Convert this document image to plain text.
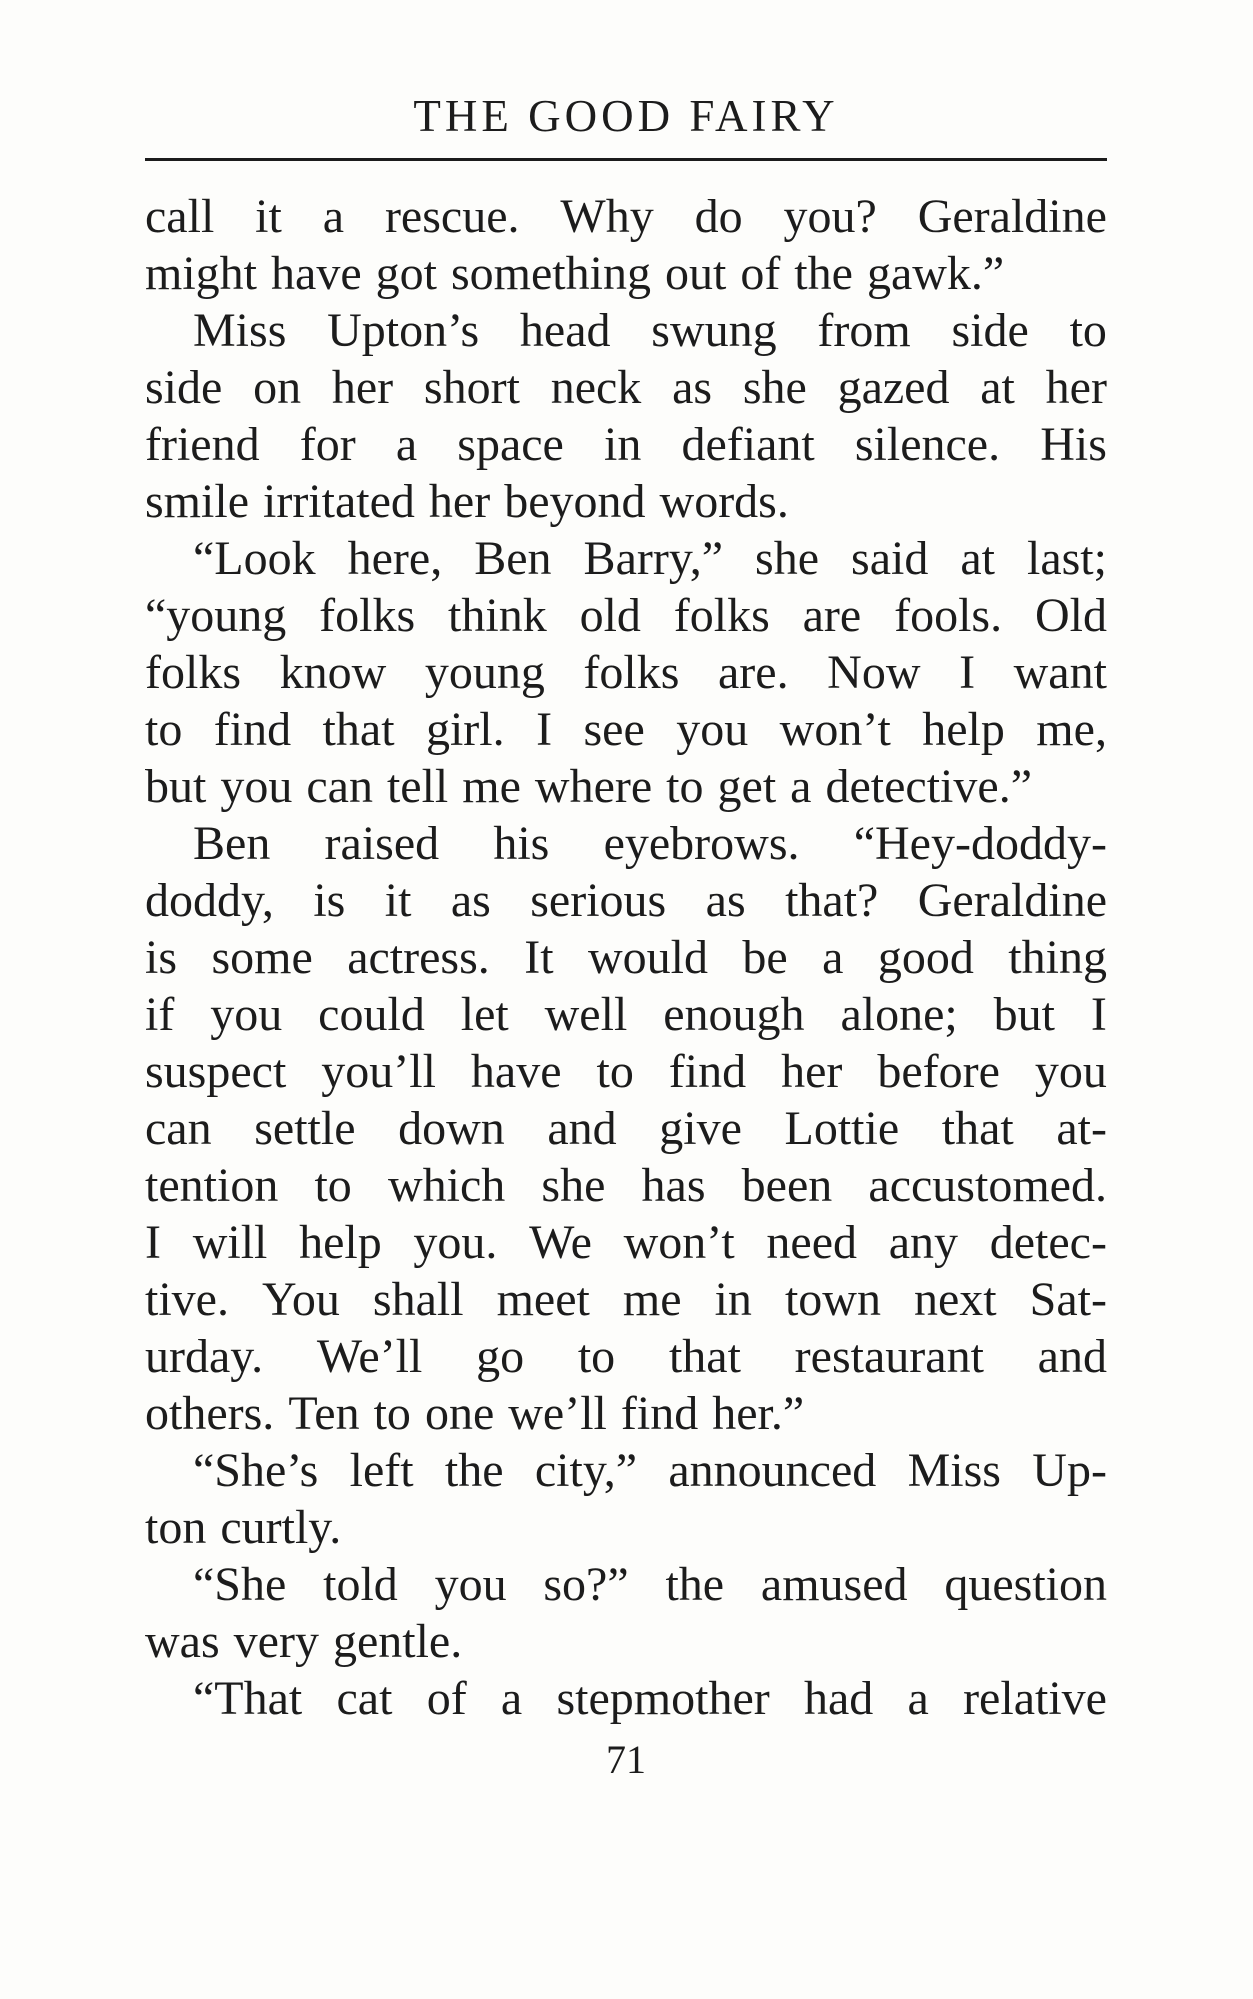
THE GOOD FAIRY
call it a rescue. Why do you? Geraldine
might have got something out of the gawk.”
Miss Upton’s head swung from side to
side on her short neck as she gazed at her
friend for a space in defiant silence. His
smile irritated her beyond words.
“Look here, Ben Barry,” she said at last;
“young folks think old folks are fools. Old
folks know young folks are. Now I want
to find that girl. I see you won’t help me,
but you can tell me where to get a detective.”
Ben raised his eyebrows. “Hey-doddy-
doddy, is it as serious as that? Geraldine
is some actress. It would be a good thing
if you could let well enough alone; but I
suspect you’ll have to find her before you
can settle down and give Lottie that at-
tention to which she has been accustomed.
I will help you. We won’t need any detec-
tive. You shall meet me in town next Sat-
urday. We’ll go to that restaurant and
others. Ten to one we’ll find her.”
“She’s left the city,” announced Miss Up-
ton curtly.
“She told you so?” the amused question
was very gentle.
“That cat of a stepmother had a relative
71
